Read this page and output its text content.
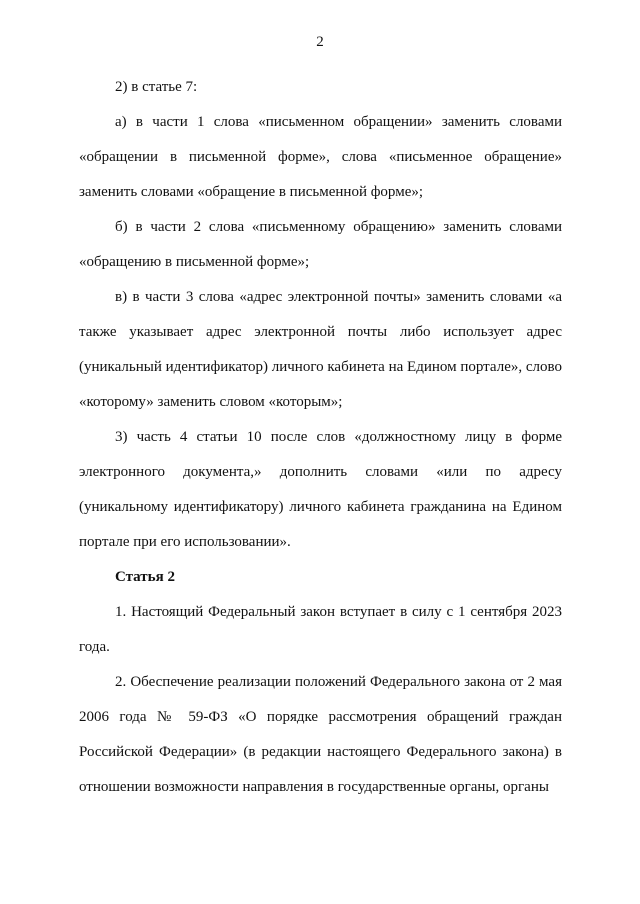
2

2) в статье 7:

а) в части 1 слова «письменном обращении» заменить словами «обращении в письменной форме», слова «письменное обращение» заменить словами «обращение в письменной форме»;

б) в части 2 слова «письменному обращению» заменить словами «обращению в письменной форме»;

в) в части 3 слова «адрес электронной почты» заменить словами «а также указывает адрес электронной почты либо использует адрес (уникальный идентификатор) личного кабинета на Едином портале», слово «которому» заменить словом «которым»;

3) часть 4 статьи 10 после слов «должностному лицу в форме электронного документа,» дополнить словами «или по адресу (уникальному идентификатору) личного кабинета гражданина на Едином портале при его использовании».

Статья 2

1. Настоящий Федеральный закон вступает в силу с 1 сентября 2023 года.

2. Обеспечение реализации положений Федерального закона от 2 мая 2006 года № 59-ФЗ «О порядке рассмотрения обращений граждан Российской Федерации» (в редакции настоящего Федерального закона) в отношении возможности направления в государственные органы, органы
